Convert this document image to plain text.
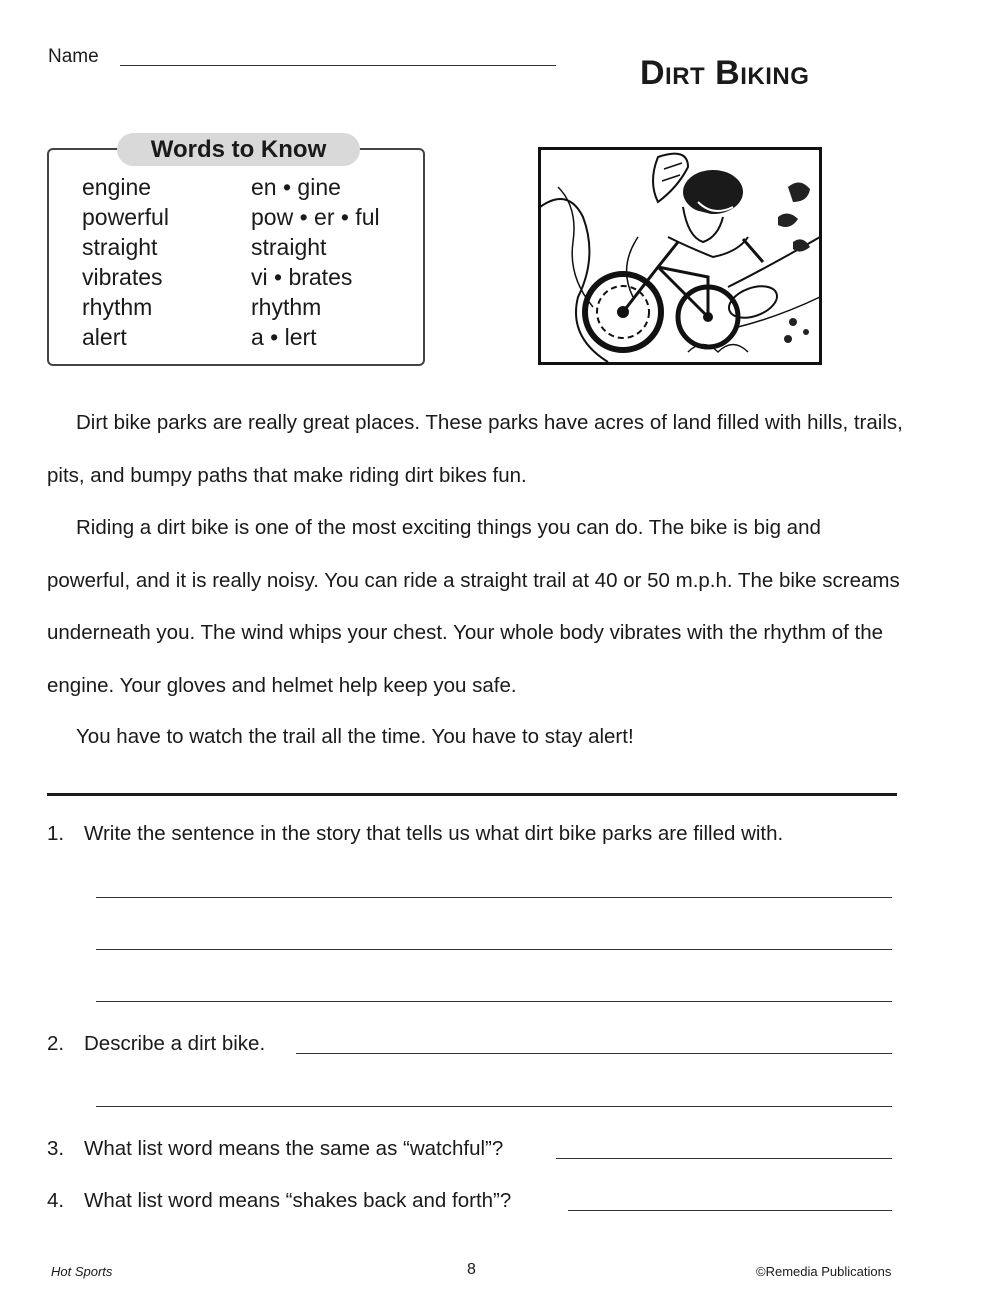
Name	Dirt Biking
Words to Know
engine	en • gine
powerful	pow • er • ful
straight	straight
vibrates	vi • brates
rhythm	rhythm
alert	a • lert
Dirt bike parks are really great places. These parks have acres of land filled with hills, trails, pits, and bumpy paths that make riding dirt bikes fun.
Riding a dirt bike is one of the most exciting things you can do. The bike is big and powerful, and it is really noisy. You can ride a straight trail at 40 or 50 m.p.h. The bike screams underneath you. The wind whips your chest. Your whole body vibrates with the rhythm of the engine. Your gloves and helmet help keep you safe.
You have to watch the trail all the time. You have to stay alert!
1. Write the sentence in the story that tells us what dirt bike parks are filled with.
2. Describe a dirt bike.
3. What list word means the same as “watchful”?
4. What list word means “shakes back and forth”?
Hot Sports	8	©Remedia Publications
